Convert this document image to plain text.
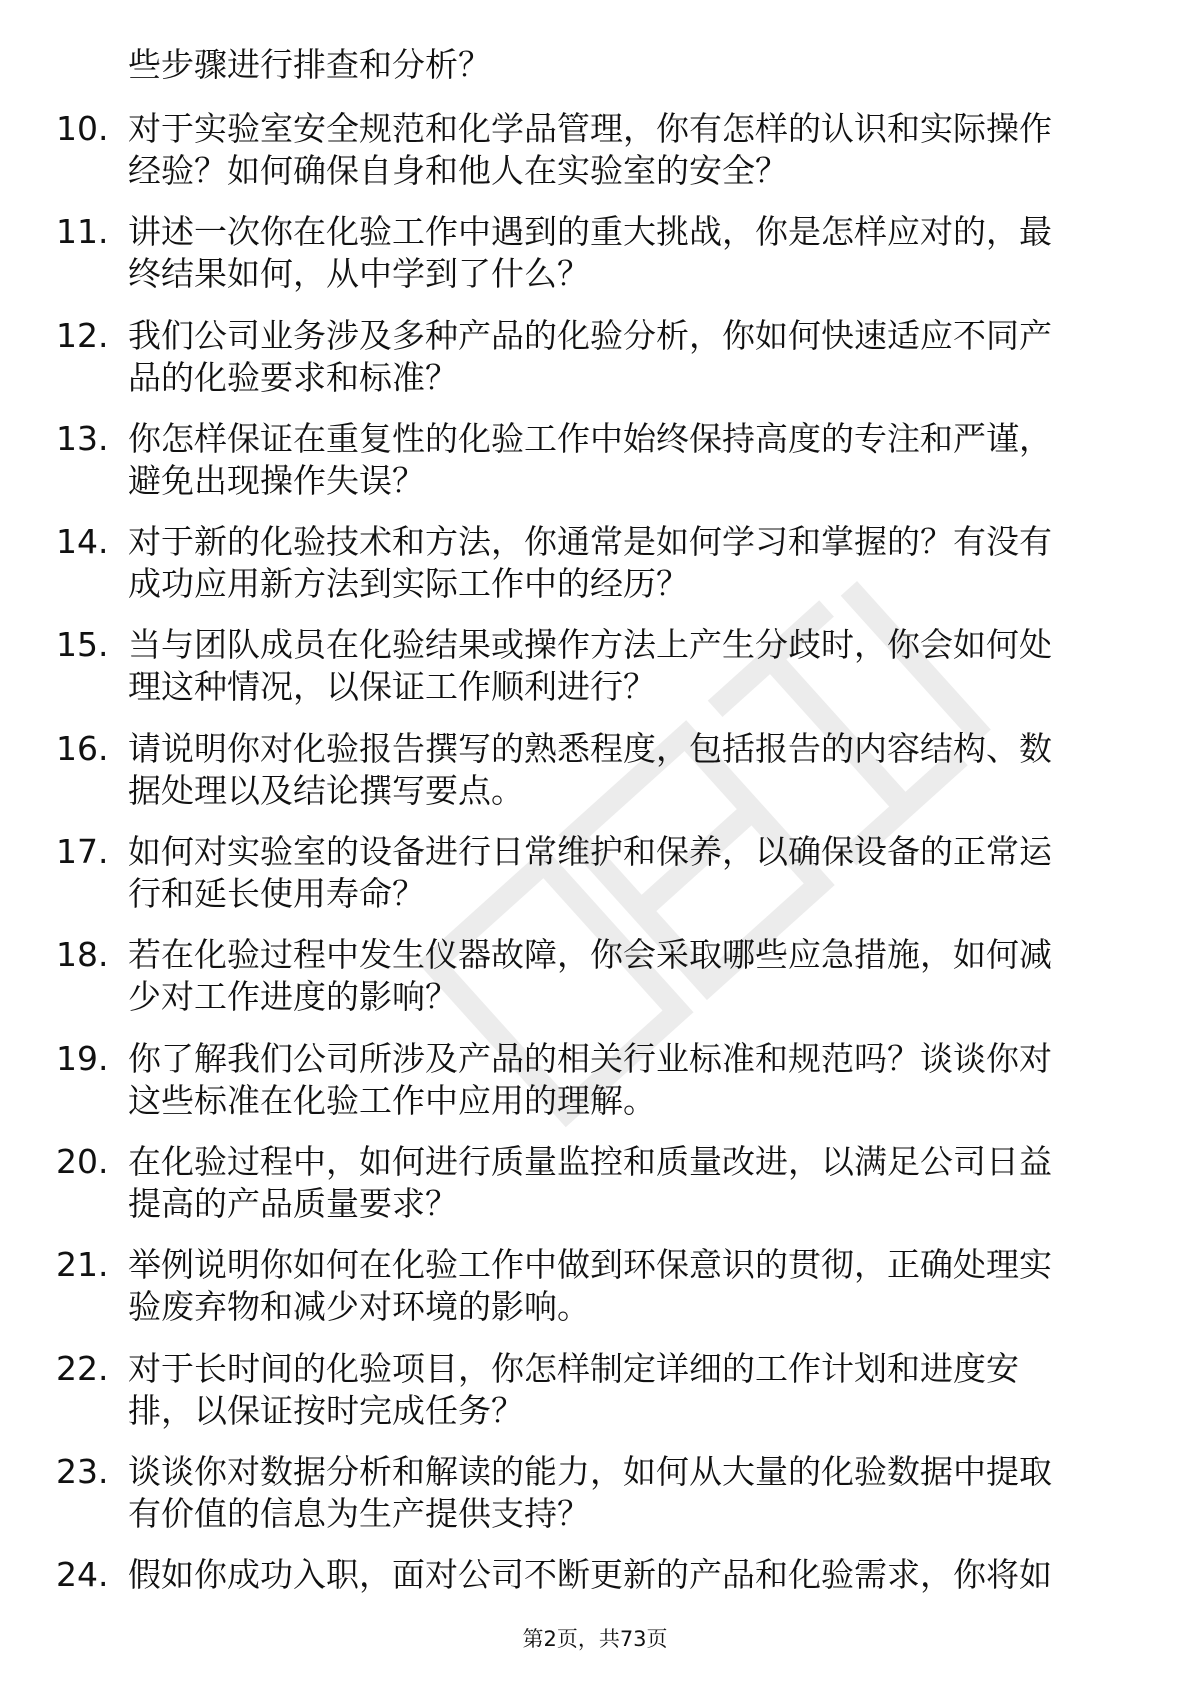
些步骤进行排查和分析？
10. 对于实验室安全规范和化学品管理，你有怎样的认识和实际操作
经验？如何确保自身和他人在实验室的安全？
11. 讲述一次你在化验工作中遇到的重大挑战，你是怎样应对的，最
终结果如何，从中学到了什么？
12. 我们公司业务涉及多种产品的化验分析，你如何快速适应不同产
品的化验要求和标准？
13. 你怎样保证在重复性的化验工作中始终保持高度的专注和严谨，
避免出现操作失误？
14. 对于新的化验技术和方法，你通常是如何学习和掌握的？有没有
成功应用新方法到实际工作中的经历？
15. 当与团队成员在化验结果或操作方法上产生分歧时，你会如何处
理这种情况，以保证工作顺利进行？
16. 请说明你对化验报告撰写的熟悉程度，包括报告的内容结构、数
据处理以及结论撰写要点。
17. 如何对实验室的设备进行日常维护和保养，以确保设备的正常运
行和延长使用寿命？
18. 若在化验过程中发生仪器故障，你会采取哪些应急措施，如何减
少对工作进度的影响？
19. 你了解我们公司所涉及产品的相关行业标准和规范吗？谈谈你对
这些标准在化验工作中应用的理解。
20. 在化验过程中，如何进行质量监控和质量改进，以满足公司日益
提高的产品质量要求？
21. 举例说明你如何在化验工作中做到环保意识的贯彻，正确处理实
验废弃物和减少对环境的影响。
22. 对于长时间的化验项目，你怎样制定详细的工作计划和进度安
排，以保证按时完成任务？
23. 谈谈你对数据分析和解读的能力，如何从大量的化验数据中提取
有价值的信息为生产提供支持？
24. 假如你成功入职，面对公司不断更新的产品和化验需求，你将如
第2页，共73页
